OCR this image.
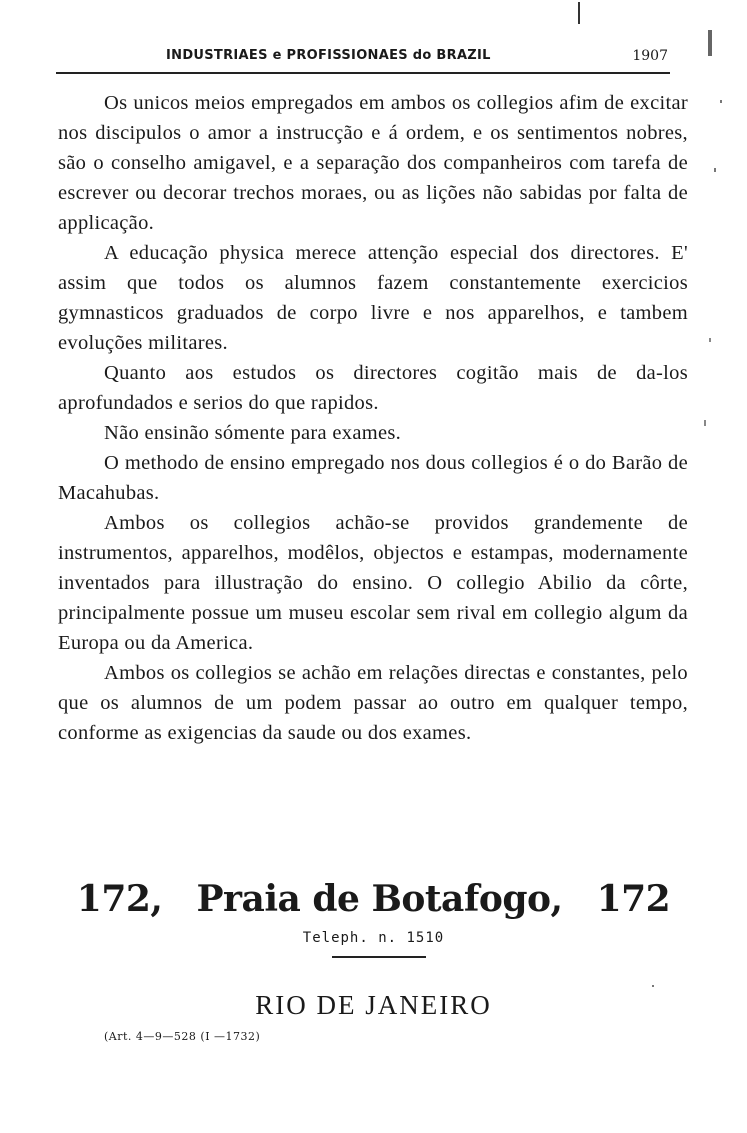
INDUSTRIAES e PROFISSIONAES do BRAZIL	1907

Os unicos meios empregados em ambos os collegios afim de excitar nos discipulos o amor a instrucção e á ordem, e os sentimentos nobres, são o conselho amigavel, e a separação dos companheiros com tarefa de escrever ou decorar trechos moraes, ou as lições não sabidas por falta de applicação.

A educação physica merece attenção especial dos directores. E' assim que todos os alumnos fazem constantemente exercicios gymnasticos graduados de corpo livre e nos apparelhos, e tambem evoluções militares.

Quanto aos estudos os directores cogitão mais de da-los aprofundados e serios do que rapidos.

Não ensinão sómente para exames.

O methodo de ensino empregado nos dous collegios é o do Barão de Macahubas.

Ambos os collegios achão-se providos grandemente de instrumentos, apparelhos, modêlos, objectos e estampas, modernamente inventados para illustração do ensino. O collegio Abilio da côrte, principalmente possue um museu escolar sem rival em collegio algum da Europa ou da America.

Ambos os collegios se achão em relações directas e constantes, pelo que os alumnos de um podem passar ao outro em qualquer tempo, conforme as exigencias da saude ou dos exames.

172, Praia de Botafogo, 172
Teleph. n. 1510
RIO DE JANEIRO
(Art. 4—9—528 (I —1732)
